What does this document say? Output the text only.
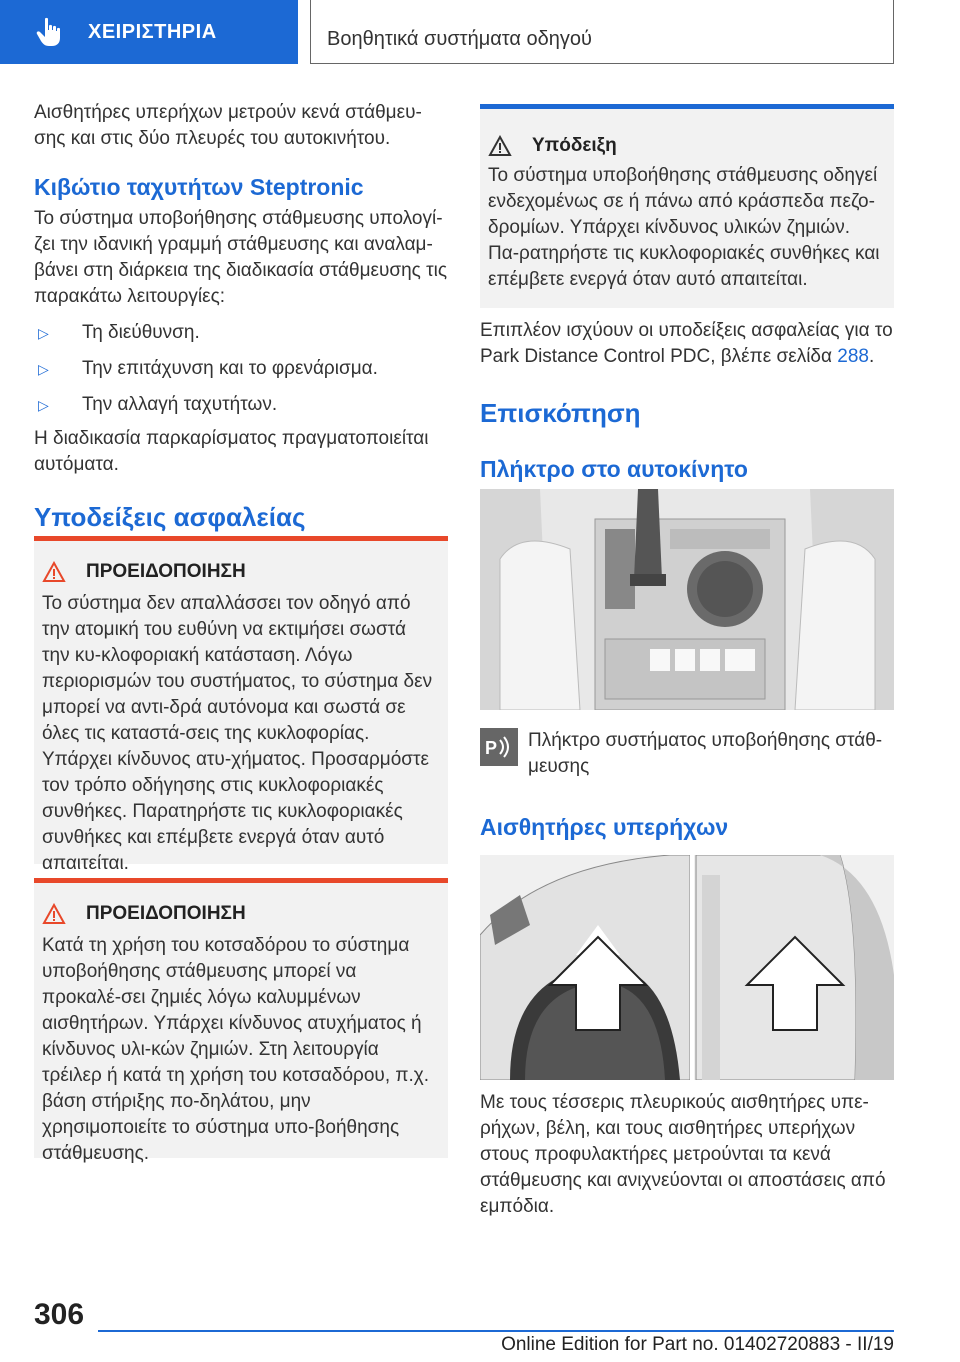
ΧΕΙΡΙΣΤΗΡΙΑ	Βοηθητικά συστήματα οδηγού

Αισθητήρες υπερήχων μετρούν κενά στάθμευ-σης και στις δύο πλευρές του αυτοκινήτου.

Κιβώτιο ταχυτήτων Steptronic

Το σύστημα υποβοήθησης στάθμευσης υπολογί-ζει την ιδανική γραμμή στάθμευσης και αναλαμ-βάνει στη διάρκεια της διαδικασία στάθμευσης τις παρακάτω λειτουργίες:

▷	Τη διεύθυνση.
▷	Την επιτάχυνση και το φρενάρισμα.
▷	Την αλλαγή ταχυτήτων.

Η διαδικασία παρκαρίσματος πραγματοποιείται αυτόματα.

Υποδείξεις ασφαλείας
ΠΡΟΕΙΔΟΠΟΙΗΣΗ

Το σύστημα δεν απαλλάσσει τον οδηγό από την ατομική του ευθύνη να εκτιμήσει σωστά την κυ-κλοφοριακή κατάσταση. Λόγω περιορισμών του συστήματος, το σύστημα δεν μπορεί να αντι-δρά αυτόνομα και σωστά σε όλες τις καταστά-σεις της κυκλοφορίας. Υπάρχει κίνδυνος ατυ-χήματος. Προσαρμόστε τον τρόπο οδήγησης στις κυκλοφοριακές συνθήκες. Παρατηρήστε τις κυκλοφοριακές συνθήκες και επέμβετε ενεργά όταν αυτό απαιτείται.

ΠΡΟΕΙΔΟΠΟΙΗΣΗ

Κατά τη χρήση του κοτσαδόρου το σύστημα υποβοήθησης στάθμευσης μπορεί να προκαλέ-σει ζημιές λόγω καλυμμένων αισθητήρων. Υπάρχει κίνδυνος ατυχήματος ή κίνδυνος υλι-κών ζημιών. Στη λειτουργία τρέιλερ ή κατά τη χρήση του κοτσαδόρου, π.χ. βάση στήριξης πο-δηλάτου, μην χρησιμοποιείτε το σύστημα υπο-βοήθησης στάθμευσης.

Υπόδειξη

Το σύστημα υποβοήθησης στάθμευσης οδηγεί ενδεχομένως σε ή πάνω από κράσπεδα πεζο-δρομίων. Υπάρχει κίνδυνος υλικών ζημιών. Πα-ρατηρήστε τις κυκλοφοριακές συνθήκες και επέμβετε ενεργά όταν αυτό απαιτείται.

Επιπλέον ισχύουν οι υποδείξεις ασφαλείας για το Park Distance Control PDC, βλέπε σελίδα 288.

Επισκόπηση
Πλήκτρο στο αυτοκίνητο
P Πλήκτρο συστήματος υποβοήθησης στάθ-μευσης

Αισθητήρες υπερήχων

Με τους τέσσερις πλευρικούς αισθητήρες υπε-ρήχων, βέλη, και τους αισθητήρες υπερήχων στους προφυλακτήρες μετρούνται τα κενά στάθμευσης και ανιχνεύονται οι αποστάσεις από εμπόδια.

306
Online Edition for Part no. 01402720883 - II/19
